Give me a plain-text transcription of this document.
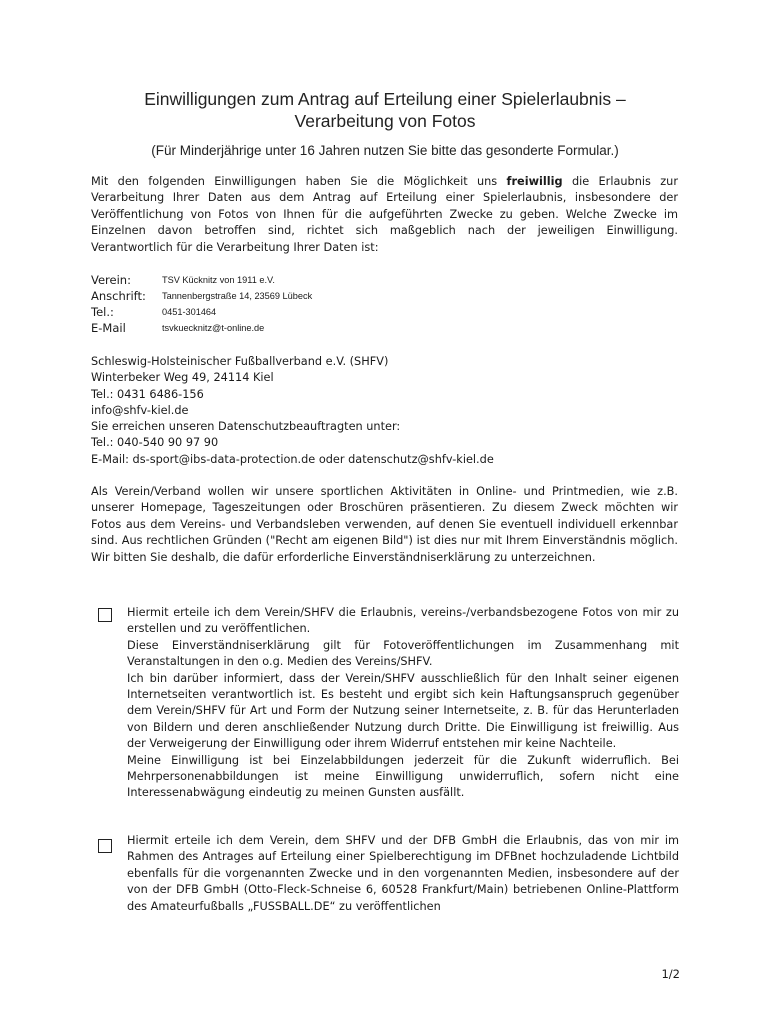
Einwilligungen zum Antrag auf Erteilung einer Spielerlaubnis –
Verarbeitung von Fotos
(Für Minderjährige unter 16 Jahren nutzen Sie bitte das gesonderte Formular.)
Mit den folgenden Einwilligungen haben Sie die Möglichkeit uns freiwillig die Erlaubnis zur Verarbeitung Ihrer Daten aus dem Antrag auf Erteilung einer Spielerlaubnis, insbesondere der Veröffentlichung von Fotos von Ihnen für die aufgeführten Zwecke zu geben. Welche Zwecke im Einzelnen davon betroffen sind, richtet sich maßgeblich nach der jeweiligen Einwilligung. Verantwortlich für die Verarbeitung Ihrer Daten ist:
Verein:	TSV Kücknitz von 1911 e.V.
Anschrift: Tannenbergstraße 14, 23569 Lübeck
Tel.:	0451-301464
E-Mail	tsvkuecknitz@t-online.de
Schleswig-Holsteinischer Fußballverband e.V. (SHFV)
Winterbeker Weg 49, 24114 Kiel
Tel.: 0431 6486-156
info@shfv-kiel.de
Sie erreichen unseren Datenschutzbeauftragten unter:
Tel.: 040-540 90 97 90
E-Mail: ds-sport@ibs-data-protection.de oder datenschutz@shfv-kiel.de
Als Verein/Verband wollen wir unsere sportlichen Aktivitäten in Online- und Printmedien, wie z.B. unserer Homepage, Tageszeitungen oder Broschüren präsentieren. Zu diesem Zweck möchten wir Fotos aus dem Vereins- und Verbandsleben verwenden, auf denen Sie eventuell individuell erkennbar sind. Aus rechtlichen Gründen ("Recht am eigenen Bild") ist dies nur mit Ihrem Einverständnis möglich. Wir bitten Sie deshalb, die dafür erforderliche Einverständniserklärung zu unterzeichnen.

Hiermit erteile ich dem Verein/SHFV die Erlaubnis, vereins-/verbandsbezogene Fotos von mir zu erstellen und zu veröffentlichen.

Diese Einverständniserklärung gilt für Fotoveröffentlichungen im Zusammenhang mit Veranstaltungen in den o.g. Medien des Vereins/SHFV.

Ich bin darüber informiert, dass der Verein/SHFV ausschließlich für den Inhalt seiner eigenen Internetseiten verantwortlich ist. Es besteht und ergibt sich kein Haftungsanspruch gegenüber dem Verein/SHFV für Art und Form der Nutzung seiner Internetseite, z. B. für das Herunterladen von Bildern und deren anschließender Nutzung durch Dritte. Die Einwilligung ist freiwillig. Aus der Verweigerung der Einwilligung oder ihrem Widerruf entstehen mir keine Nachteile.

Meine Einwilligung ist bei Einzelabbildungen jederzeit für die Zukunft widerruflich. Bei Mehrpersonenabbildungen ist meine Einwilligung unwiderruflich, sofern nicht eine Interessenabwägung eindeutig zu meinen Gunsten ausfällt.

Hiermit erteile ich dem Verein, dem SHFV und der DFB GmbH die Erlaubnis, das von mir im Rahmen des Antrages auf Erteilung einer Spielberechtigung im DFBnet hochzuladende Lichtbild ebenfalls für die vorgenannten Zwecke und in den vorgenannten Medien, insbesondere auf der von der DFB GmbH (Otto-Fleck-Schneise 6, 60528 Frankfurt/Main) betriebenen Online-Plattform des Amateurfußballs „FUSSBALL.DE“ zu veröffentlichen

1/2
